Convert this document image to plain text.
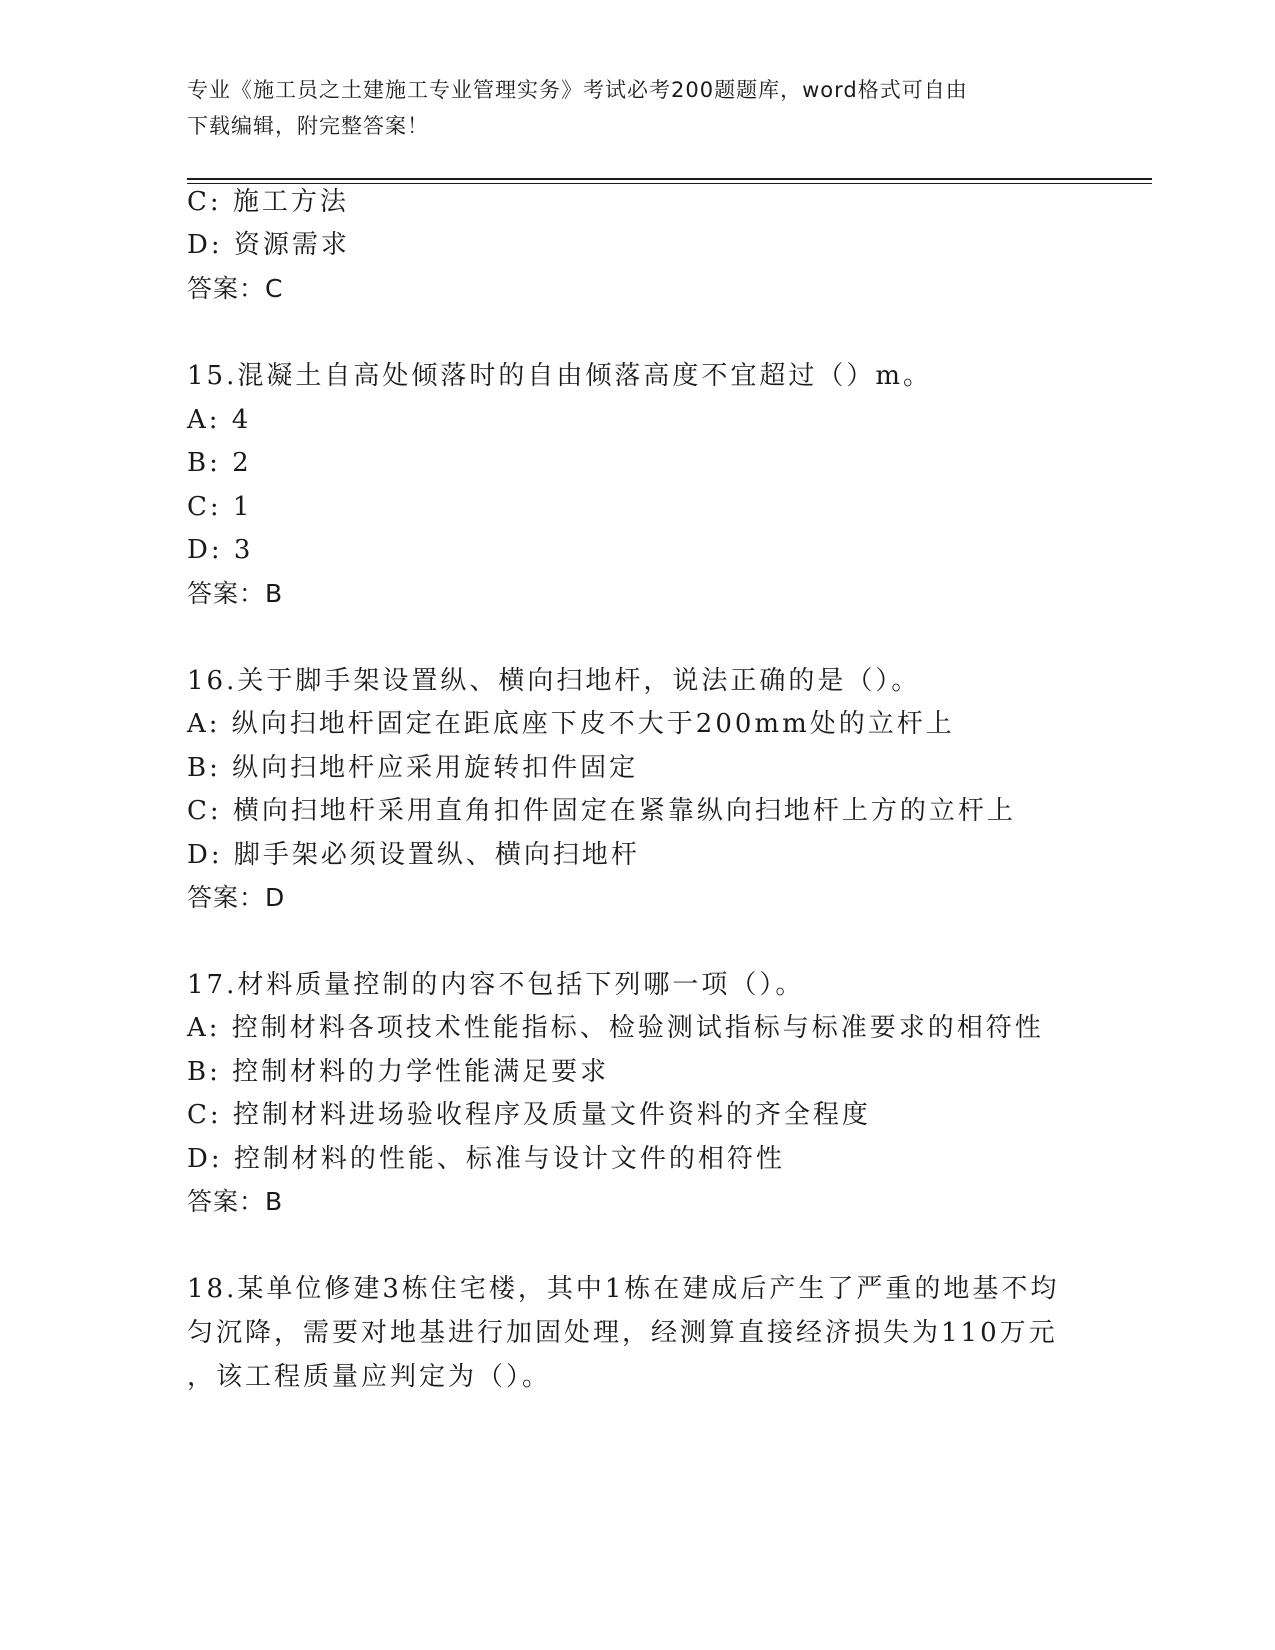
专业《施工员之土建施工专业管理实务》考试必考200题题库，word格式可自由
下载编辑，附完整答案！
C: 施工方法
D: 资源需求
答案：C
15.混凝土自高处倾落时的自由倾落高度不宜超过（）m。
A: 4
B: 2
C: 1
D: 3
答案：B
16.关于脚手架设置纵、横向扫地杆，说法正确的是（）。
A: 纵向扫地杆固定在距底座下皮不大于200mm处的立杆上
B: 纵向扫地杆应采用旋转扣件固定
C: 横向扫地杆采用直角扣件固定在紧靠纵向扫地杆上方的立杆上
D: 脚手架必须设置纵、横向扫地杆
答案：D
17.材料质量控制的内容不包括下列哪一项（）。
A: 控制材料各项技术性能指标、检验测试指标与标准要求的相符性
B: 控制材料的力学性能满足要求
C: 控制材料进场验收程序及质量文件资料的齐全程度
D: 控制材料的性能、标准与设计文件的相符性
答案：B
18.某单位修建3栋住宅楼，其中1栋在建成后产生了严重的地基不均
匀沉降，需要对地基进行加固处理，经测算直接经济损失为110万元
，该工程质量应判定为（）。
